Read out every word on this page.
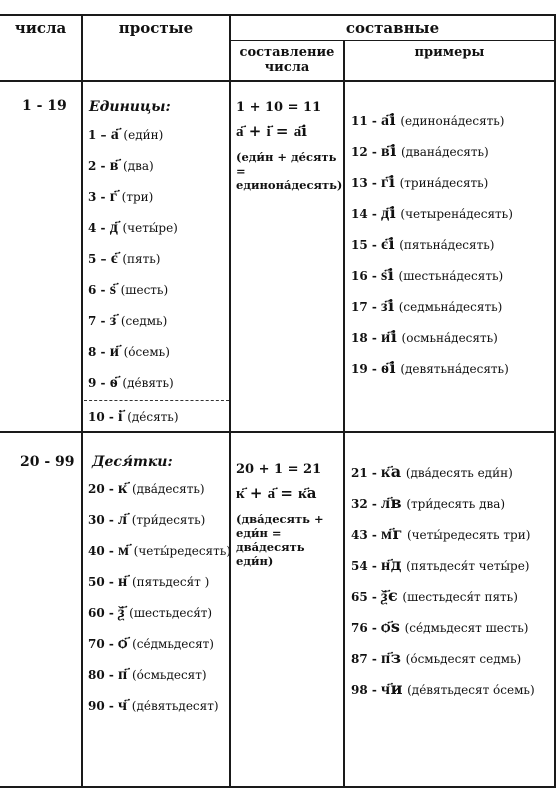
числа	простые	составные
составление числа
примеры
1 - 19 Единицы:
1 – а҃ (еди́н)
2 - в҃ (два)
3 - г҃ (три)
4 - д҃ (четы́ре)
5 – є҃ (пять)
6 - ѕ҃ (шесть)
7 - з҃ (седмь)
8 - и҃ (о́семь)
9 - ѳ҃ (де́вять)
10 - і҃ (де́сять)
1 + 10 = 11
а҃ + і҃ = а҃і
(еди́н + де́сять = единона́десять)
11 - а҃і (единона́десять)
12 - в҃і (двана́десять)
13 - г҃і (трина́десять)
14 - д҃і (четырена́десять)
15 - є҃і (пятьна́десять)
16 - ѕ҃і (шестьна́десять)
17 - з҃і (седмьна́десять)
18 - и҃і (осмьна́десять)
19 - ѳ҃і (девятьна́десять)
20 - 99 Деся́тки:
20 - к҃ (два́десять)
30 - л҃ (три́десять)
40 - м҃ (четы́редесять)
50 - н҃ (пятьдеся́т )
60 - ѯ҃ (шестьдеся́т)
70 - ѻ҃ (се́дмьдесят)
80 - п҃ (о́смьдесят)
90 - ч҃ (де́вятьдесят)
20 + 1 = 21
к҃ + а҃ = к҃а
(два́десять + еди́н = два́десять еди́н)
21 - к҃а (два́десять еди́н)
32 - л҃в (три́десять два)
43 - м҃г (четы́редесять три)
54 - н҃д (пятьдеся́т четы́ре)
65 - ѯ҃є (шестьдеся́т пять)
76 - ѻ҃ѕ (се́дмьдесят шесть)
87 - п҃з (о́смьдесят седмь)
98 - ч҃и (де́вятьдесят о́семь)
